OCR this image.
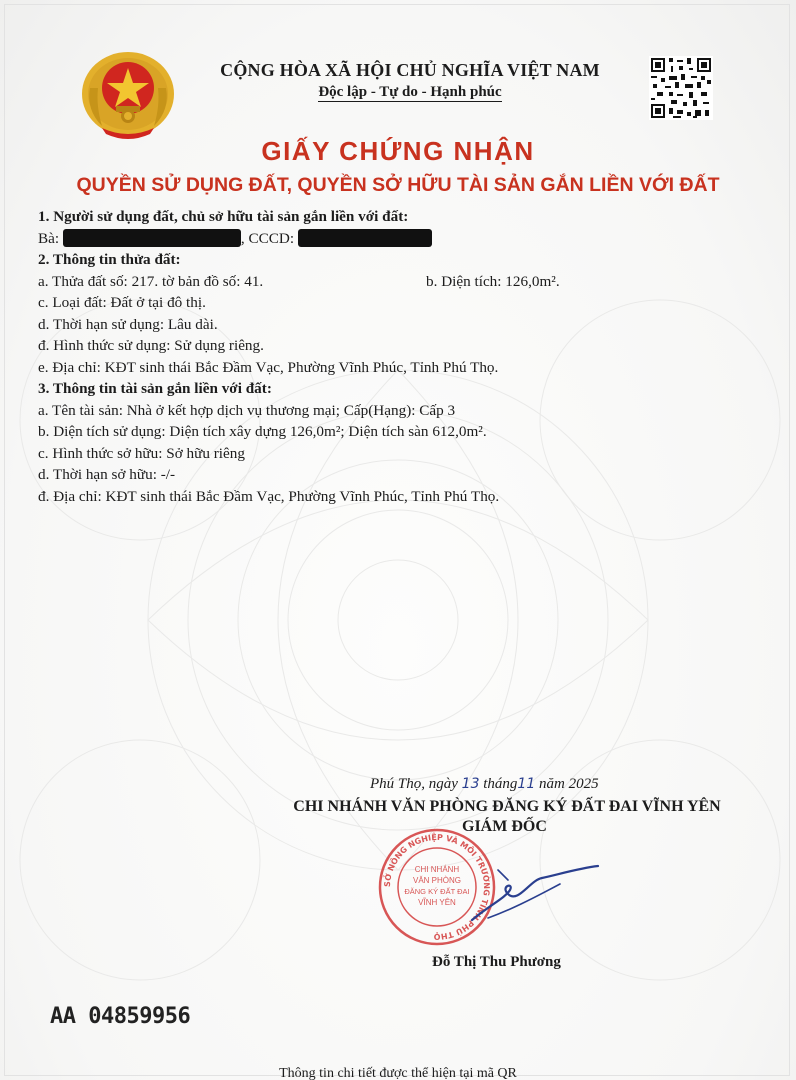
CỘNG HÒA XÃ HỘI CHỦ NGHĨA VIỆT NAM
Độc lập - Tự do - Hạnh phúc
GIẤY CHỨNG NHẬN
QUYỀN SỬ DỤNG ĐẤT, QUYỀN SỞ HỮU TÀI SẢN GẮN LIỀN VỚI ĐẤT
1. Người sử dụng đất, chủ sở hữu tài sản gắn liền với đất:
Bà:	, CCCD:
2. Thông tin thửa đất:
a. Thửa đất số: 217. tờ bản đồ số: 41.	b. Diện tích: 126,0m².
c. Loại đất: Đất ở tại đô thị.
d. Thời hạn sử dụng: Lâu dài.
đ. Hình thức sử dụng: Sử dụng riêng.
e. Địa chỉ: KĐT sinh thái Bắc Đầm Vạc, Phường Vĩnh Phúc, Tỉnh Phú Thọ.
3. Thông tin tài sản gắn liền với đất:
a. Tên tài sản: Nhà ở kết hợp dịch vụ thương mại; Cấp(Hạng): Cấp 3
b. Diện tích sử dụng: Diện tích xây dựng 126,0m²; Diện tích sàn 612,0m².
c. Hình thức sở hữu: Sở hữu riêng
d. Thời hạn sở hữu: -/-
đ. Địa chỉ: KĐT sinh thái Bắc Đầm Vạc, Phường Vĩnh Phúc, Tỉnh Phú Thọ.
Phú Thọ, ngày 13 tháng11 năm 2025
CHI NHÁNH VĂN PHÒNG ĐĂNG KÝ ĐẤT ĐAI VĨNH YÊN
GIÁM ĐỐC
SỞ NÔNG NGHIỆP VÀ MÔI TRƯỜNG TỈNH PHÚ THỌ
CHI NHÁNH
VĂN PHÒNG
ĐĂNG KÝ ĐẤT ĐAI
VĨNH YÊN
Đỗ Thị Thu Phương
AA 04859956
Thông tin chi tiết được thể hiện tại mã QR
